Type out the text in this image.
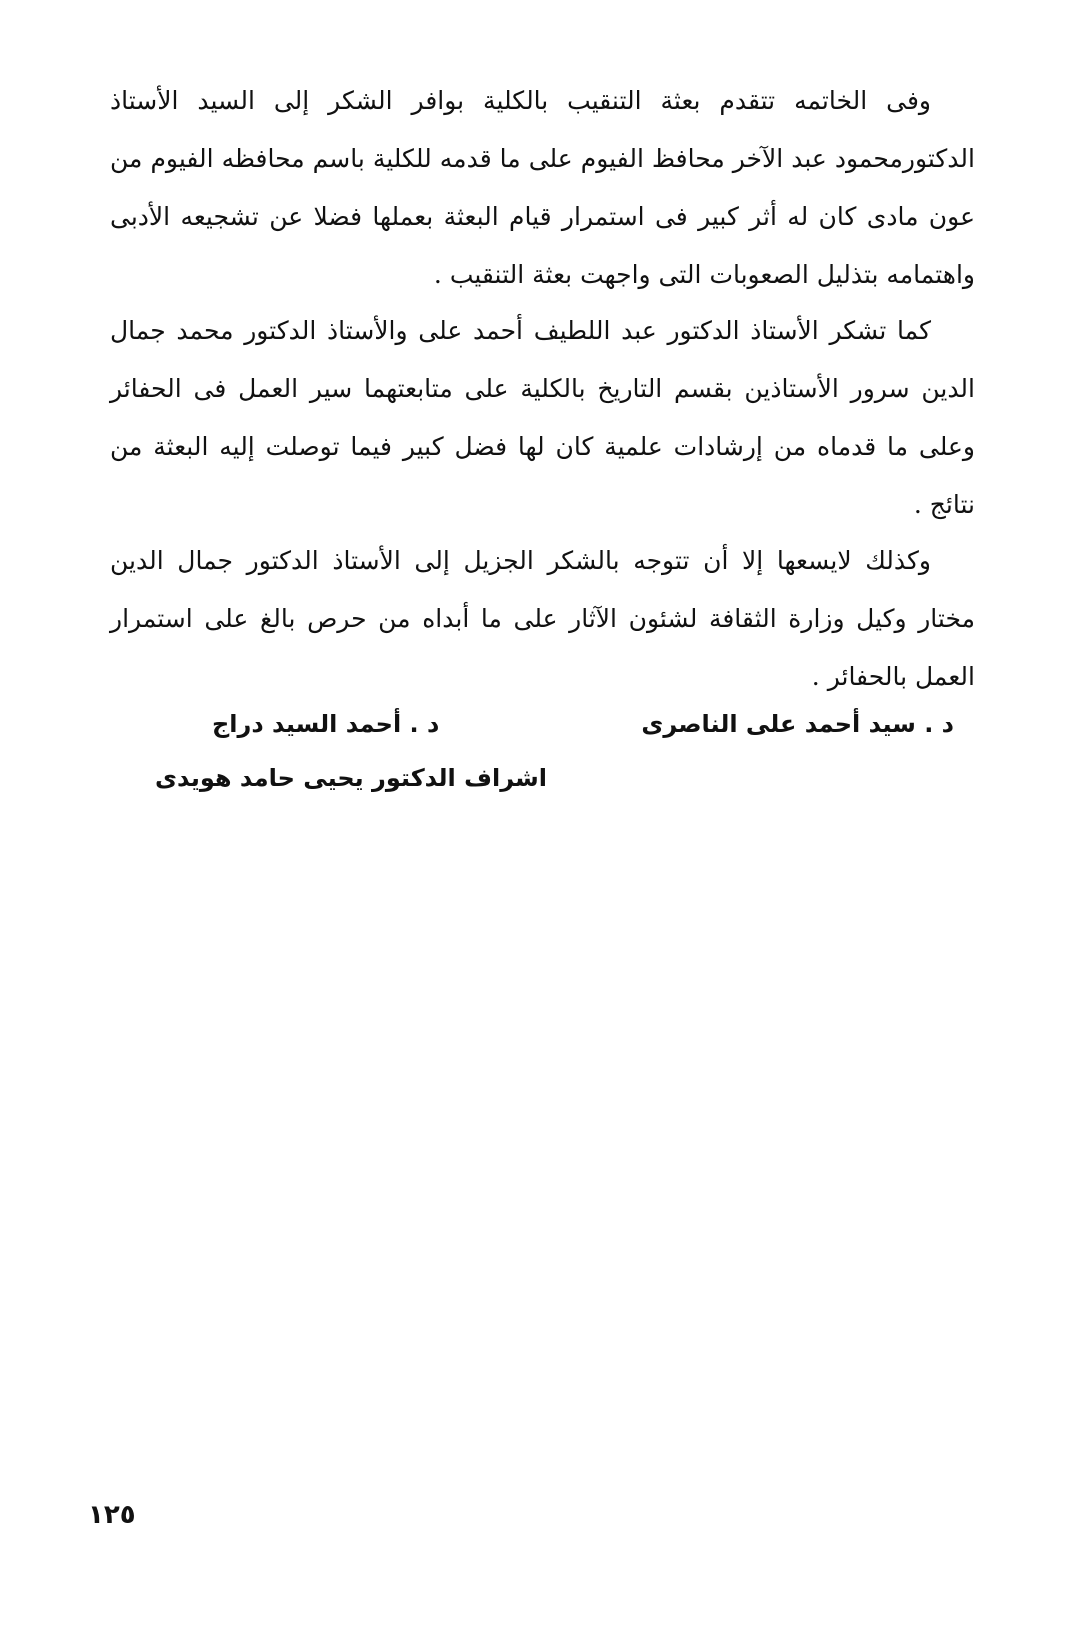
وفى الخاتمه تتقدم بعثة التنقيب بالكلية بوافر الشكر إلى السيد الأستاذ الدكتورمحمود عبد الآخر محافظ الفيوم على ما قدمه للكلية باسم محافظه الفيوم من عون مادى كان له أثر كبير فى استمرار قيام البعثة بعملها فضلا عن تشجيعه الأدبى واهتمامه بتذليل الصعوبات التى واجهت بعثة التنقيب .

كما تشكر الأستاذ الدكتور عبد اللطيف أحمد على والأستاذ الدكتور محمد جمال الدين سرور الأستاذين بقسم التاريخ بالكلية على متابعتهما سير العمل فى الحفائر وعلى ما قدماه من إرشادات علمية كان لها فضل كبير فيما توصلت إليه البعثة من نتائج .

وكذلك لايسعها إلا أن تتوجه بالشكر الجزيل إلى الأستاذ الدكتور جمال الدين مختار وكيل وزارة الثقافة لشئون الآثار على ما أبداه من حرص بالغ على استمرار العمل بالحفائر .

د . سيد أحمد على الناصرى
د . أحمد السيد دراج
اشراف الدكتور يحيى حامد هويدى
١٢٥
